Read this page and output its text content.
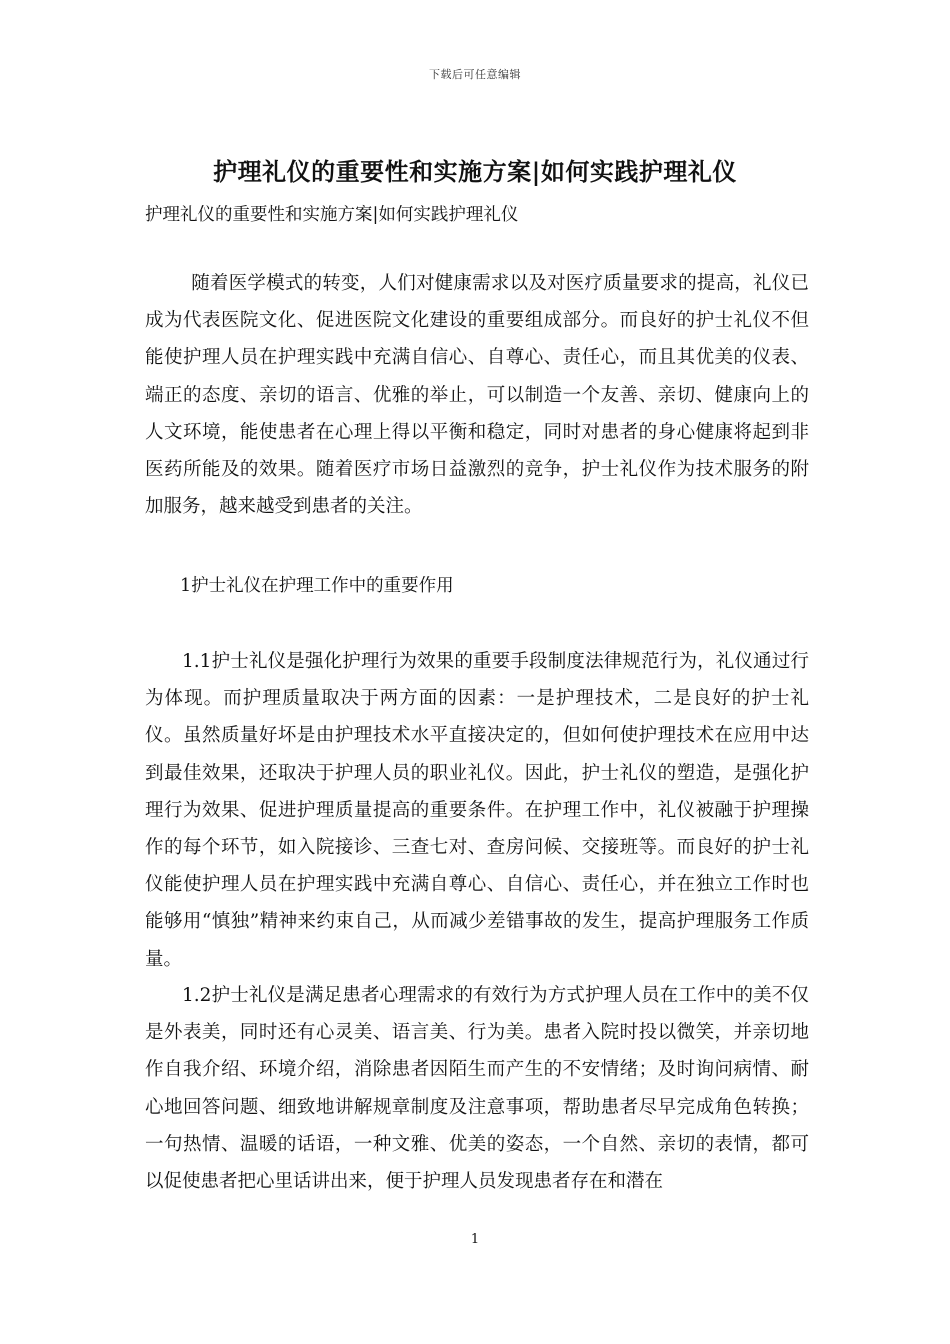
下载后可任意编辑
护理礼仪的重要性和实施方案|如何实践护理礼仪

护理礼仪的重要性和实施方案|如何实践护理礼仪

随着医学模式的转变，人们对健康需求以及对医疗质量要求的提高，礼仪已成为代表医院文化、促进医院文化建设的重要组成部分。而良好的护士礼仪不但能使护理人员在护理实践中充满自信心、自尊心、责任心，而且其优美的仪表、端正的态度、亲切的语言、优雅的举止，可以制造一个友善、亲切、健康向上的人文环境，能使患者在心理上得以平衡和稳定，同时对患者的身心健康将起到非医药所能及的效果。随着医疗市场日益激烈的竞争，护士礼仪作为技术服务的附加服务，越来越受到患者的关注。

1护士礼仪在护理工作中的重要作用

1.1护士礼仪是强化护理行为效果的重要手段制度法律规范行为，礼仪通过行为体现。而护理质量取决于两方面的因素：一是护理技术，二是良好的护士礼仪。虽然质量好坏是由护理技术水平直接决定的，但如何使护理技术在应用中达到最佳效果，还取决于护理人员的职业礼仪。因此，护士礼仪的塑造，是强化护理行为效果、促进护理质量提高的重要条件。在护理工作中，礼仪被融于护理操作的每个环节，如入院接诊、三查七对、查房问候、交接班等。而良好的护士礼仪能使护理人员在护理实践中充满自尊心、自信心、责任心，并在独立工作时也能够用“慎独”精神来约束自己，从而减少差错事故的发生，提高护理服务工作质量。

1.2护士礼仪是满足患者心理需求的有效行为方式护理人员在工作中的美不仅是外表美，同时还有心灵美、语言美、行为美。患者入院时投以微笑，并亲切地作自我介绍、环境介绍，消除患者因陌生而产生的不安情绪；及时询问病情、耐心地回答问题、细致地讲解规章制度及注意事项，帮助患者尽早完成角色转换；一句热情、温暖的话语，一种文雅、优美的姿态，一个自然、亲切的表情，都可以促使患者把心里话讲出来，便于护理人员发现患者存在和潜在

1
